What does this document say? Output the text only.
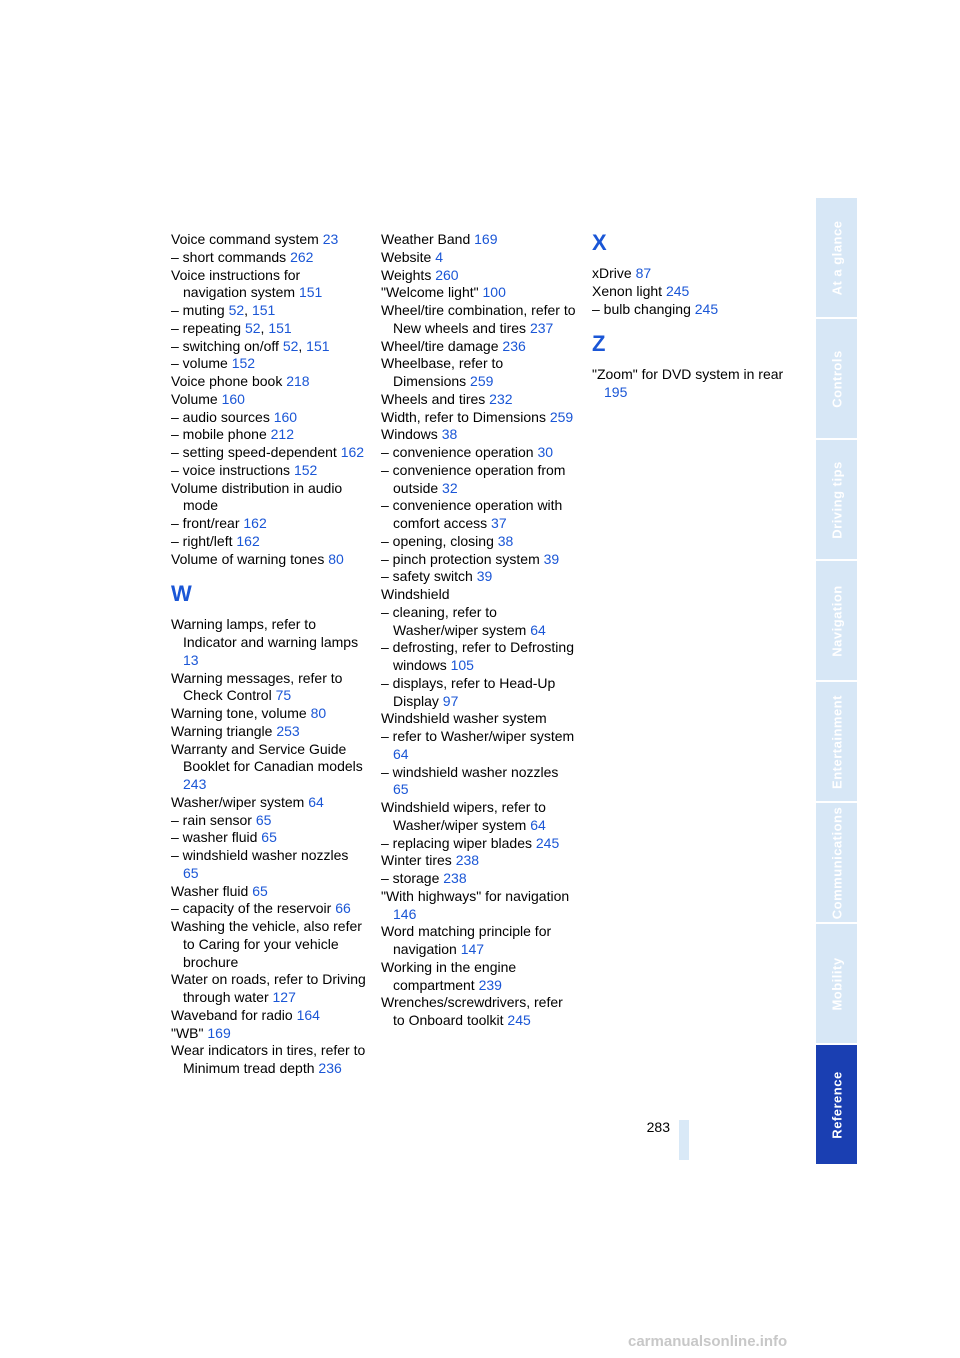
Voice command system 23
– short commands 262
Voice instructions for navigation system 151
– muting 52, 151
– repeating 52, 151
– switching on/off 52, 151
– volume 152
Voice phone book 218
Volume 160
– audio sources 160
– mobile phone 212
– setting speed-dependent 162
– voice instructions 152
Volume distribution in audio mode
– front/rear 162
– right/left 162
Volume of warning tones 80
W
Warning lamps, refer to Indicator and warning lamps 13
Warning messages, refer to Check Control 75
Warning tone, volume 80
Warning triangle 253
Warranty and Service Guide Booklet for Canadian models 243
Washer/wiper system 64
– rain sensor 65
– washer fluid 65
– windshield washer nozzles 65
Washer fluid 65
– capacity of the reservoir 66
Washing the vehicle, also refer to Caring for your vehicle brochure
Water on roads, refer to Driving through water 127
Waveband for radio 164
"WB" 169
Wear indicators in tires, refer to Minimum tread depth 236
Weather Band 169
Website 4
Weights 260
"Welcome light" 100
Wheel/tire combination, refer to New wheels and tires 237
Wheel/tire damage 236
Wheelbase, refer to Dimensions 259
Wheels and tires 232
Width, refer to Dimensions 259
Windows 38
– convenience operation 30
– convenience operation from outside 32
– convenience operation with comfort access 37
– opening, closing 38
– pinch protection system 39
– safety switch 39
Windshield
– cleaning, refer to Washer/wiper system 64
– defrosting, refer to Defrosting windows 105
– displays, refer to Head-Up Display 97
Windshield washer system
– refer to Washer/wiper system 64
– windshield washer nozzles 65
Windshield wipers, refer to Washer/wiper system 64
– replacing wiper blades 245
Winter tires 238
– storage 238
"With highways" for navigation 146
Word matching principle for navigation 147
Working in the engine compartment 239
Wrenches/screwdrivers, refer to Onboard toolkit 245
X
xDrive 87
Xenon light 245
– bulb changing 245
Z
"Zoom" for DVD system in rear 195
283
At a glance
Controls
Driving tips
Navigation
Entertainment
Communications
Mobility
Reference
carmanualsonline.info
